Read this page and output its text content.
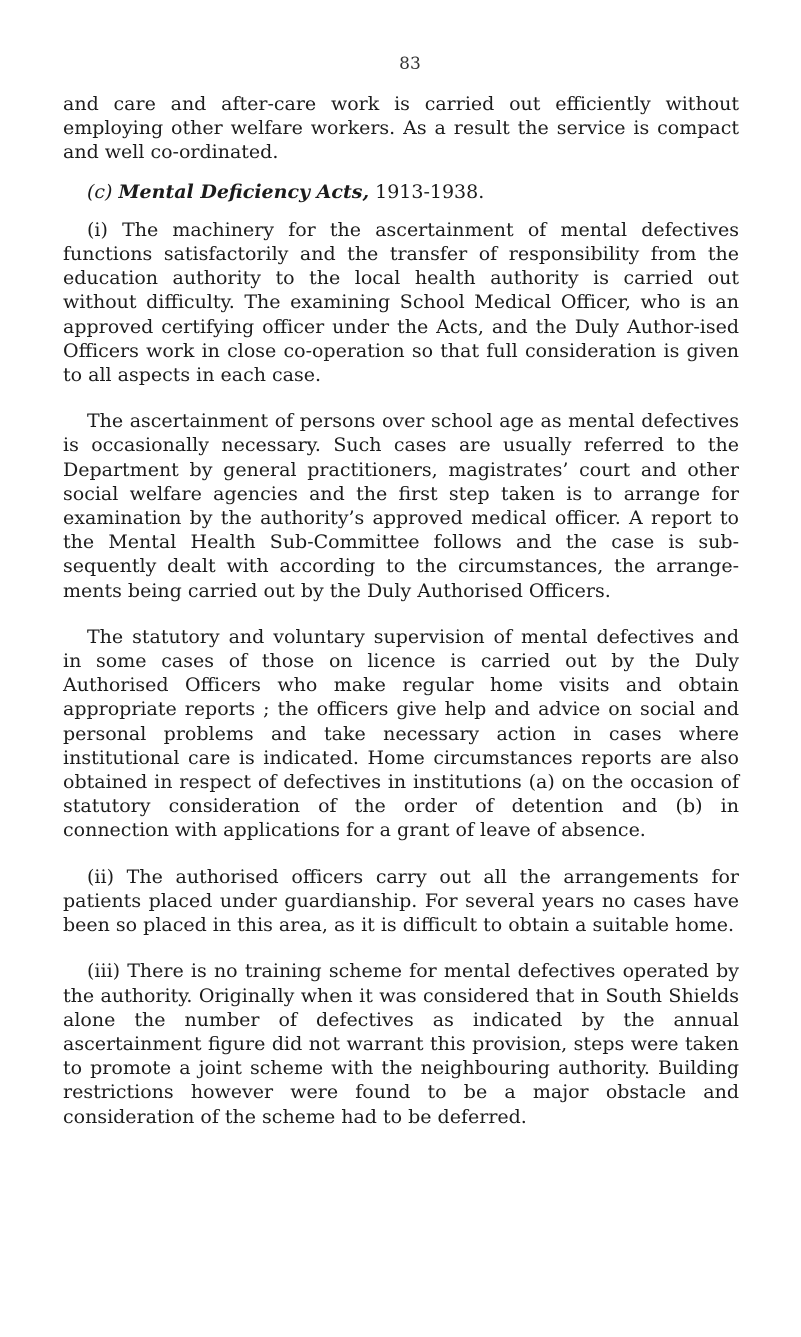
83

and care and after-care work is carried out efficiently without employing other welfare workers. As a result the service is compact and well co-ordinated.

(c) Mental Deficiency Acts, 1913-1938.

(i) The machinery for the ascertainment of mental defectives functions satisfactorily and the transfer of responsibility from the education authority to the local health authority is carried out without difficulty. The examining School Medical Officer, who is an approved certifying officer under the Acts, and the Duly Author-ised Officers work in close co-operation so that full consideration is given to all aspects in each case.

The ascertainment of persons over school age as mental defectives is occasionally necessary. Such cases are usually referred to the Department by general practitioners, magistrates’ court and other social welfare agencies and the first step taken is to arrange for examination by the authority’s approved medical officer. A report to the Mental Health Sub-Committee follows and the case is sub-sequently dealt with according to the circumstances, the arrange-ments being carried out by the Duly Authorised Officers.

The statutory and voluntary supervision of mental defectives and in some cases of those on licence is carried out by the Duly Authorised Officers who make regular home visits and obtain appropriate reports ; the officers give help and advice on social and personal problems and take necessary action in cases where institutional care is indicated. Home circumstances reports are also obtained in respect of defectives in institutions (a) on the occasion of statutory consideration of the order of detention and (b) in connection with applications for a grant of leave of absence.

(ii) The authorised officers carry out all the arrangements for patients placed under guardianship. For several years no cases have been so placed in this area, as it is difficult to obtain a suitable home.

(iii) There is no training scheme for mental defectives operated by the authority. Originally when it was considered that in South Shields alone the number of defectives as indicated by the annual ascertainment figure did not warrant this provision, steps were taken to promote a joint scheme with the neighbouring authority. Building restrictions however were found to be a major obstacle and consideration of the scheme had to be deferred.
